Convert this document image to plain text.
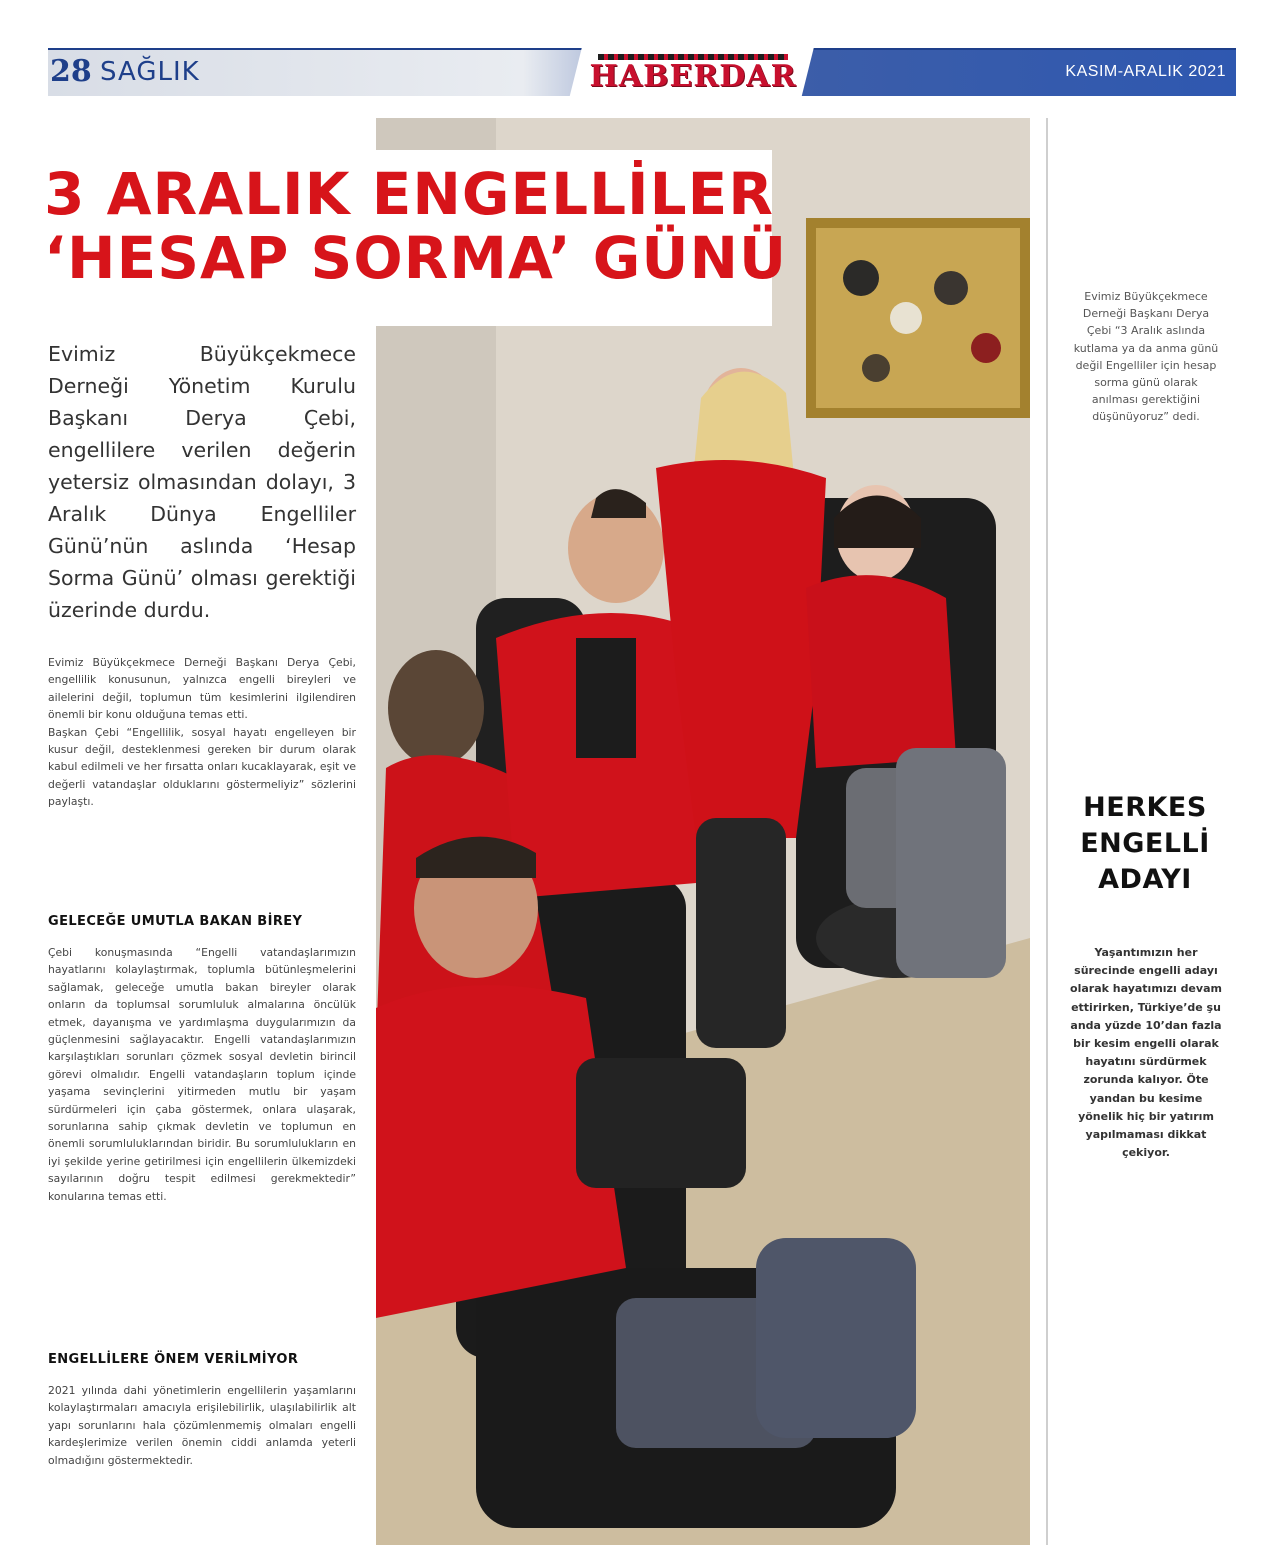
28 SAĞLIK	HABERDAR	KASIM-ARALIK 2021
3 ARALIK ENGELLİLER
‘HESAP SORMA’ GÜNÜ

Evimiz Büyükçekmece Derneği Yönetim Kurulu Başkanı Derya Çebi, engellilere verilen değerin yetersiz olmasından dolayı, 3 Aralık Dünya Engelliler Günü’nün aslında ‘Hesap Sorma Günü’ olması gerektiği üzerinde durdu.

Evimiz Büyükçekmece Derneği Başkanı Derya Çebi, engellilik konusunun, yalnızca engelli bireyleri ve ailelerini değil, toplumun tüm kesimlerini ilgilendiren önemli bir konu olduğuna temas etti.

Başkan Çebi “Engellilik, sosyal hayatı engelleyen bir kusur değil, desteklenmesi gereken bir durum olarak kabul edilmeli ve her fırsatta onları kucaklayarak, eşit ve değerli vatandaşlar olduklarını göstermeliyiz” sözlerini paylaştı.

GELECEĞE UMUTLA BAKAN BİREY

Çebi konuşmasında “Engelli vatandaşlarımızın hayatlarını kolaylaştırmak, toplumla bütünleşmelerini sağlamak, geleceğe umutla bakan bireyler olarak onların da toplumsal sorumluluk almalarına öncülük etmek, dayanışma ve yardımlaşma duygularımızın da güçlenmesini sağlayacaktır. Engelli vatandaşlarımızın karşılaştıkları sorunları çözmek sosyal devletin birincil görevi olmalıdır. Engelli vatandaşların toplum içinde yaşama sevinçlerini yitirmeden mutlu bir yaşam sürdürmeleri için çaba göstermek, onlara ulaşarak, sorunlarına sahip çıkmak devletin ve toplumun en önemli sorumluluklarından biridir. Bu sorumlulukların en iyi şekilde yerine getirilmesi için engellilerin ülkemizdeki sayılarının doğru tespit edilmesi gerekmektedir” konularına temas etti.

ENGELLİLERE ÖNEM VERİLMİYOR

2021 yılında dahi yönetimlerin engellilerin yaşamlarını kolaylaştırmaları amacıyla erişilebilirlik, ulaşılabilirlik alt yapı sorunlarını hala çözümlenmemiş olmaları engelli kardeşlerimize verilen önemin ciddi anlamda yeterli olmadığını göstermektedir.

Evimiz Büyükçekmece Derneği Başkanı Derya Çebi “3 Aralık aslında kutlama ya da anma günü değil Engelliler için hesap sorma günü olarak anılması gerektiğini düşünüyoruz” dedi.

HERKES
ENGELLİ
ADAYI

Yaşantımızın her sürecinde engelli adayı olarak hayatımızı devam ettirirken, Türkiye’de şu anda yüzde 10’dan fazla bir kesim engelli olarak hayatını sürdürmek zorunda kalıyor. Öte yandan bu kesime yönelik hiç bir yatırım yapılmaması dikkat çekiyor.
